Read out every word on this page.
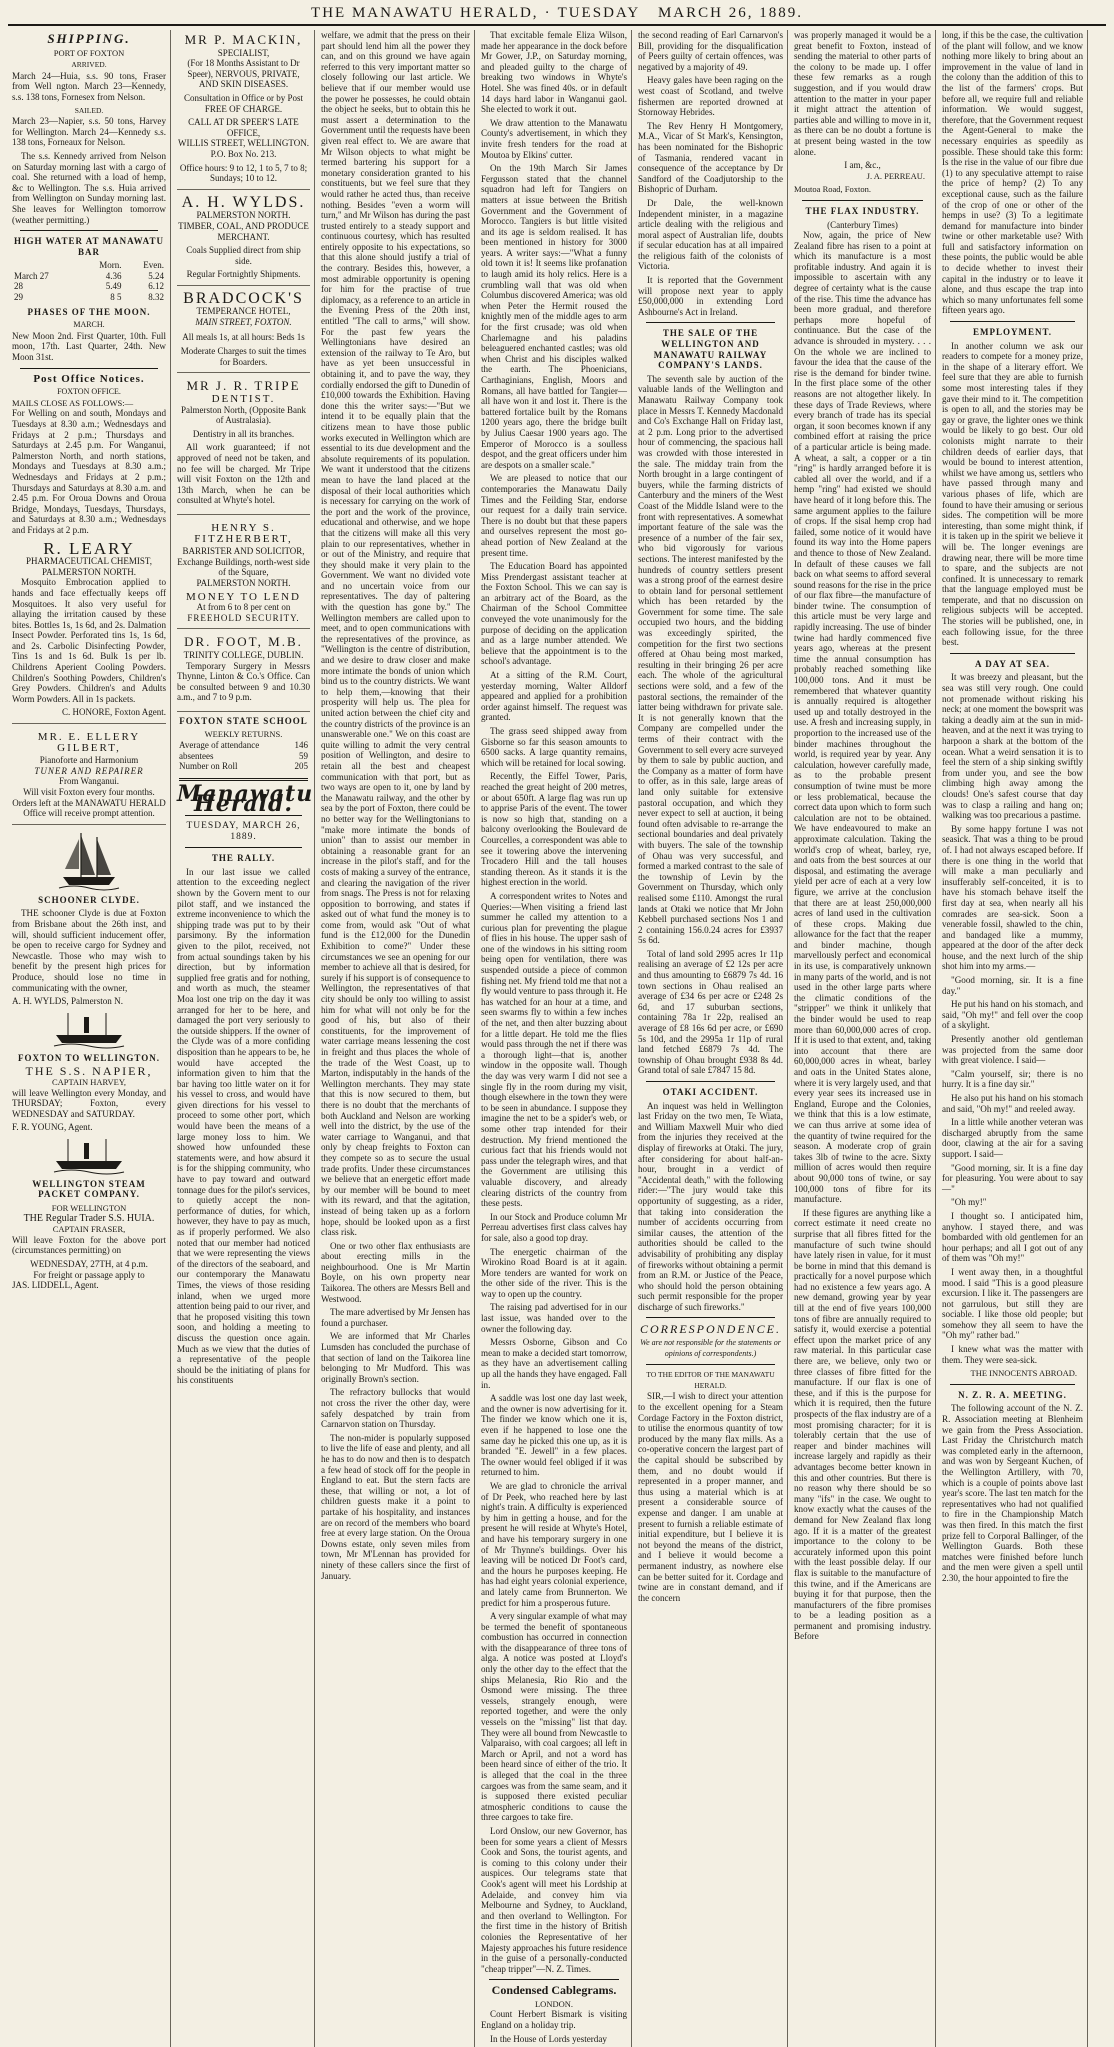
THE MANAWATU HERALD, · TUESDAY
MARCH 26, 1889.
SHIPPING.
PORT OF FOXTON
ARRIVED.

March 24—Huia, s.s. 90 tons, Fraser from Well ngton. March 23—Kennedy, s.s. 138 tons, Fornesex from Nelson.

SAILED.

March 23—Napier, s.s. 50 tons, Harvey for Wellington. March 24—Kennedy s.s. 138 tons, Forneaux for Nelson.

The s.s. Kennedy arrived from Nelson on Saturday morning last with a cargo of coal. She returned with a load of hemp, &c to Wellington. The s.s. Huia arrived from Wellington on Sunday morning last. She leaves for Wellington tomorrow (weather permitting.)

HIGH WATER AT MANAWATU BAR
	Morn.	Even.
March 27	4.36	5.24
28	5.49	6.12
29	8 5	8.32
PHASES OF THE MOON.
MARCH.

New Moon 2nd. First Quarter, 10th. Full moon, 17th. Last Quarter, 24th. New Moon 31st.

Post Office Notices.
FOXTON OFFICE.
MAILS CLOSE AS FOLLOWS:—

For Welling on and south, Mondays and Tuesdays at 8.30 a.m.; Wednesdays and Fridays at 2 p.m.; Thursdays and Saturdays at 2.45 p.m. For Wanganui, Palmerston North, and north stations, Mondays and Tuesdays at 8.30 a.m.; Wednesdays and Fridays at 2 p.m.; Thursdays and Saturdays at 8.30 a.m. and 2.45 p.m. For Oroua Downs and Oroua Bridge, Mondays, Tuesdays, Thursdays, and Saturdays at 8.30 a.m.; Wednesdays and Fridays at 2 p.m.

R. LEARY
PHARMACEUTICAL CHEMIST, PALMERSTON NORTH.

Mosquito Embrocation applied to hands and face effectually keeps off Mosquitoes. It also very useful for allaying the irritation caused by these bites. Bottles 1s, 1s 6d, and 2s. Dalmation Insect Powder. Perforated tins 1s, 1s 6d, and 2s. Carbolic Disinfecting Powder, Tins 1s and 1s 6d. Bulk 1s per lb. Childrens Aperient Cooling Powders. Children's Soothing Powders, Children's Grey Powders. Children's and Adults Worm Powders. All in 1s packets.

C. HONORE, Foxton Agent.
MR. E. ELLERY GILBERT,
Pianoforte and Harmonium
TUNER AND REPAIRER
From Wanganui.
Will visit Foxton every four months.
Orders left at the MANAWATU HERALD Office will receive prompt attention.
SCHOONER CLYDE.

THE schooner Clyde is due at Foxton from Brisbane about the 26th inst, and will, should sufficient inducement offer, be open to receive cargo for Sydney and Newcastle. Those who may wish to benefit by the present high prices for Produce, should lose no time in communicating with the owner,

A. H. WYLDS, Palmerston N.
FOXTON TO WELLINGTON.
THE S.S. NAPIER,
CAPTAIN HARVEY,

will leave Wellington every Monday, and THURSDAY; Foxton, every WEDNESDAY and SATURDAY.

F. R. YOUNG, Agent.
WELLINGTON STEAM PACKET COMPANY.
FOR WELLINGTON
THE Regular Trader S.S. HUIA.
CAPTAIN FRASER,

Will leave Foxton for the above port (circumstances permitting) on

WEDNESDAY, 27TH, at 4 p.m.
For freight or passage apply to
JAS. LIDDELL, Agent.
MR P. MACKIN,
SPECIALIST,
(For 18 Months Assistant to Dr Speer), NERVOUS, PRIVATE, AND SKIN DISEASES.
Consultation in Office or by Post FREE OF CHARGE.
CALL AT DR SPEER'S LATE OFFICE,
WILLIS STREET, WELLINGTON. P.O. Box No. 213.
Office hours: 9 to 12, 1 to 5, 7 to 8; Sundays; 10 to 12.
A. H. WYLDS.
PALMERSTON NORTH.
TIMBER, COAL, AND PRODUCE MERCHANT.
Coals Supplied direct from ship side.
Regular Fortnightly Shipments.
BRADCOCK'S
TEMPERANCE HOTEL,
MAIN STREET, FOXTON.
All meals 1s, at all hours: Beds 1s
Moderate Charges to suit the times for Boarders.
MR J. R. TRIPE
DENTIST.
Palmerston North, (Opposite Bank of Australasia).
Dentistry in all its branches.

All work guaranteed; if not approved of need not be taken, and no fee will be charged. Mr Tripe will visit Foxton on the 12th and 13th March, when he can be consulted at Whyte's hotel.

HENRY S. FITZHERBERT,
BARRISTER AND SOLICITOR,
Exchange Buildings, north-west side of the Square,
PALMERSTON NORTH.
MONEY TO LEND
At from 6 to 8 per cent on
FREEHOLD SECURITY.
DR. FOOT, M.B.
TRINITY COLLEGE, DUBLIN.

Temporary Surgery in Messrs Thynne, Linton & Co.'s Office. Can be consulted between 9 and 10.30 a.m., and 7 to 9 p.m.

FOXTON STATE SCHOOL
WEEKLY RETURNS.
Average of attendance	146
absentees	59
Number on Roll	205
Manawatu Herald.
TUESDAY, MARCH 26, 1889.
THE RALLY.

In our last issue we called attention to the exceeding neglect shown by the Govern ment to our pilot staff, and we instanced the extreme inconvenience to which the shipping trade was put to by their parsimony. By the information given to the pilot, received, not from actual soundings taken by his direction, but by information supplied free gratis and for nothing, and worth as much, the steamer Moa lost one trip on the day it was arranged for her to be here, and damaged the port very seriously to the outside shippers. If the owner of the Clyde was of a more confiding disposition than he appears to be, he would have accepted the information given to him that the bar having too little water on it for his vessel to cross, and would have given directions for his vessel to proceed to some other port, which would have been the means of a large money loss to him. We showed how unfounded these statements were, and how absurd it is for the shipping community, who have to pay toward and outward tonnage dues for the pilot's services, to quietly accept the non-performance of duties, for which, however, they have to pay as much, as if properly performed. We also noted that our member had noticed that we were representing the views of the directors of the seaboard, and our contemporary the Manawatu Times, the views of those residing inland, when we urged more attention being paid to our river, and that he proposed visiting this town soon, and holding a meeting to discuss the question once again. Much as we view that the duties of a representative of the people should be the initiating of plans for his constituents

welfare, we admit that the press on their part should lend him all the power they can, and on this ground we have again referred to this very important matter so closely following our last article. We believe that if our member would use the power he possesses, he could obtain the object he seeks, but to obtain this he must assert a determination to the Government until the requests have been given real effect to. We are aware that Mr Wilson objects to what might be termed bartering his support for a monetary consideration granted to his constituents, but we feel sure that they would rather he acted thus, than receive nothing. Besides "even a worm will turn," and Mr Wilson has during the past trusted entirely to a steady support and continuous courtesy, which has resulted entirely opposite to his expectations, so that this alone should justify a trial of the contrary. Besides this, however, a most admirable opportunity is opening for him for the practise of true diplomacy, as a reference to an article in the Evening Press of the 20th inst, entitled "The call to arms," will show. For the past few years the Wellingtonians have desired an extension of the railway to Te Aro, but have as yet been unsuccessful in obtaining it, and to pave the way, they cordially endorsed the gift to Dunedin of £10,000 towards the Exhibition. Having done this the writer says:—"But we intend it to be equally plain that the citizens mean to have those public works executed in Wellington which are essential to its due development and the absolute requirements of its population. We want it understood that the citizens mean to have the land placed at the disposal of their local authorities which is necessary for carrying on the work of the port and the work of the province, educational and otherwise, and we hope that the citizens will make all this very plain to our representatives, whether in or out of the Ministry, and require that they should make it very plain to the Government. We want no divided vote and no uncertain voice from our representatives. The day of paltering with the question has gone by." The Wellington members are called upon to meet, and to open communications with the representatives of the province, as "Wellington is the centre of distribution, and we desire to draw closer and make more intimate the bonds of union which bind us to the country districts. We want to help them,—knowing that their prosperity will help us. The plea for united action between the chief city and the country districts of the province is an unanswerable one." We on this coast are quite willing to admit the very central position of Wellington, and desire to retain all the best and cheapest communication with that port, but as two ways are open to it, one by land by the Manawatu railway, and the other by sea by the port of Foxton, there could be no better way for the Wellingtonians to "make more intimate the bonds of union" than to assist our member in obtaining a reasonable grant for an increase in the pilot's staff, and for the costs of making a survey of the entrance, and clearing the navigation of the river from snags. The Press is not for relaxing opposition to borrowing, and states if asked out of what fund the money is to come from, would ask "Out of what fund is the £12,000 for the Dunedin Exhibition to come?" Under these circumstances we see an opening for our member to achieve all that is desired, for surely if his support is of consequence to Wellington, the representatives of that city should be only too willing to assist him for what will not only be for the good of his, but also of their constituents, for the improvement of water carriage means lessening the cost in freight and thus places the whole of the trade of the West Coast, up to Marton, indisputably in the hands of the Wellington merchants. They may state that this is now secured to them, but there is no doubt that the merchants of both Auckland and Nelson are working well into the district, by the use of the water carriage to Wanganui, and that only by cheap freights to Foxton can they compete so as to secure the usual trade profits. Under these circumstances we believe that an energetic effort made by our member will be bound to meet with its reward, and that the agitation, instead of being taken up as a forlorn hope, should be looked upon as a first class risk.

One or two other flax enthusiasts are about erecting mills in the neighbourhood. One is Mr Martin Boyle, on his own property near Taikorea. The others are Messrs Bell and Westwood.

The mare advertised by Mr Jensen has found a purchaser.

We are informed that Mr Charles Lumsden has concluded the purchase of that section of land on the Taikorea line belonging to Mr Mudford. This was originally Brown's section.

The refractory bullocks that would not cross the river the other day, were safely despatched by train from Carnarvon station on Thursday.

The non-mider is popularly supposed to live the life of ease and plenty, and all he has to do now and then is to despatch a few head of stock off for the people in England to eat. But the stern facts are these, that willing or not, a lot of children guests make it a point to partake of his hospitality, and instances are on record of the members who board free at every large station. On the Oroua Downs estate, only seven miles from town, Mr M'Lennan has provided for ninety of these callers since the first of January.

That excitable female Eliza Wilson, made her appearance in the dock before Mr Gower, J.P., on Saturday morning, and pleaded guilty to the charge of breaking two windows in Whyte's Hotel. She was fined 40s. or in default 14 days hard labor in Wanganui gaol. She elected to work it out.

We draw attention to the Manawatu County's advertisement, in which they invite fresh tenders for the road at Moutoa by Elkins' cutter.

On the 19th March Sir James Fergusson stated that the channel squadron had left for Tangiers on matters at issue between the British Government and the Government of Morocco. Tangiers is but little visited and its age is seldom realised. It has been mentioned in history for 3000 years. A writer says:—"What a funny old town it is! It seems like profanation to laugh amid its holy relics. Here is a crumbling wall that was old when Columbus discovered America; was old when Peter the Hermit roused the knightly men of the middle ages to arm for the first crusade; was old when Charlemagne and his paladins beleaguered enchanted castles; was old when Christ and his disciples walked the earth. The Phoenicians, Carthaginians, English, Moors and Romans, all have battled for Tangier—all have won it and lost it. There is the battered fortalice built by the Romans 1200 years ago, there the bridge built by Julius Caesar 1900 years ago. The Emperor of Morocco is a soulless despot, and the great officers under him are despots on a smaller scale."

We are pleased to notice that our contemporaries the Manawatu Daily Times and the Feilding Star, endorse our request for a daily train service. There is no doubt but that these papers and ourselves represent the most go-ahead portion of New Zealand at the present time.

The Education Board has appointed Miss Prendergast assistant teacher at the Foxton School. This we can say is an arbitrary act of the Board, as the Chairman of the School Committee conveyed the vote unanimously for the purpose of deciding on the application and as a large number attended. We believe that the appointment is to the school's advantage.

At a sitting of the R.M. Court, yesterday morning, Walter Alldorf appeared and applied for a prohibition order against himself. The request was granted.

The grass seed shipped away from Gisborne so far this season amounts to 6500 sacks. A large quantity remains, which will be retained for local sowing.

Recently, the Eiffel Tower, Paris, reached the great height of 200 metres, or about 650ft. A large flag was run up to apprise Paris of the event. The tower is now so high that, standing on a balcony overlooking the Boulevard de Courcelles, a correspondent was able to see it towering above the intervening Trocadero Hill and the tall houses standing thereon. As it stands it is the highest erection in the world.

A correspondent writes to Notes and Queries:—When visiting a friend last summer he called my attention to a curious plan for preventing the plague of flies in his house. The upper sash of one of the windows in his sitting room being open for ventilation, there was suspended outside a piece of common fishing net. My friend told me that not a fly would venture to pass through it. He has watched for an hour at a time, and seen swarms fly to within a few inches of the net, and then alter buzzing about for a little depart. He told me the flies would pass through the net if there was a thorough light—that is, another window in the opposite wall. Though the day was very warm I did not see a single fly in the room during my visit, though elsewhere in the town they were to be seen in abundance. I suppose they imagine the net to be a spider's web, or some other trap intended for their destruction. My friend mentioned the curious fact that his friends would not pass under the telegraph wires, and that the Government are utilising this valuable discovery, and already clearing districts of the country from these pests.

In our Stock and Produce column Mr Perreau advertises first class calves hay for sale, also a good top dray.

The energetic chairman of the Wirokino Road Board is at it again. More tenders are wanted for work on the other side of the river. This is the way to open up the country.

The raising pad advertised for in our last issue, was handed over to the owner the following day.

Messrs Osborne, Gibson and Co mean to make a decided start tomorrow, as they have an advertisement calling up all the hands they have engaged. Fall in.

A saddle was lost one day last week, and the owner is now advertising for it. The finder we know which one it is, even if he happened to lose one the same day he picked this one up, as it is branded "E. Jewell" in a few places. The owner would feel obliged if it was returned to him.

We are glad to chronicle the arrival of Dr Peek, who reached here by last night's train. A difficulty is experienced by him in getting a house, and for the present he will reside at Whyte's Hotel, and have his temporary surgery in one of Mr Thynne's buildings. Over his leaving will be noticed Dr Foot's card, and the hours he purposes keeping. He has had eight years colonial experience, and lately came from Brunnerton. We predict for him a prosperous future.

A very singular example of what may be termed the benefit of spontaneous combustion has occurred in connection with the disappearance of three tons of alga. A notice was posted at Lloyd's only the other day to the effect that the ships Melanesia, Rio Rio and the Osmond were missing. The three vessels, strangely enough, were reported together, and were the only vessels on the "missing" list that day. They were all bound from Newcastle to Valparaiso, with coal cargoes; all left in March or April, and not a word has been heard since of either of the trio. It is alleged that the coal in the three cargoes was from the same seam, and it is supposed there existed peculiar atmospheric conditions to cause the three cargoes to take fire.

Lord Onslow, our new Governor, has been for some years a client of Messrs Cook and Sons, the tourist agents, and is coming to this colony under their auspices. Our telegrams state that Cook's agent will meet his Lordship at Adelaide, and convey him via Melbourne and Sydney, to Auckland, and then overland to Wellington. For the first time in the history of British colonies the Representative of her Majesty approaches his future residence in the guise of a personally-conducted "cheap tripper"—N. Z. Times.

Condensed Cablegrams.
LONDON.

Count Herbert Bismark is visiting England on a holiday trip.

In the House of Lords yesterday

the second reading of Earl Carnarvon's Bill, providing for the disqualification of Peers guilty of certain offences, was negatived by a majority of 49.

Heavy gales have been raging on the west coast of Scotland, and twelve fishermen are reported drowned at Stornoway Hebrides.

The Rev Henry H Montgomery, M.A., Vicar of St Mark's, Kensington, has been nominated for the Bishopric of Tasmania, rendered vacant in consequence of the acceptance by Dr Sandford of the Coadjutorship to the Bishopric of Durham.

Dr Dale, the well-known Independent minister, in a magazine article dealing with the religious and moral aspect of Australian life, doubts if secular education has at all impaired the religious faith of the colonists of Victoria.

It is reported that the Government will propose next year to apply £50,000,000 in extending Lord Ashbourne's Act in Ireland.

THE SALE OF THE WELLINGTON AND MANAWATU RAILWAY COMPANY'S LANDS.

The seventh sale by auction of the valuable lands of the Wellington and Manawatu Railway Company took place in Messrs T. Kennedy Macdonald and Co's Exchange Hall on Friday last, at 2 p.m. Long prior to the advertised hour of commencing, the spacious hall was crowded with those interested in the sale. The midday train from the North brought in a large contingent of buyers, while the farming districts of Canterbury and the miners of the West Coast of the Middle Island were to the front with representatives. A somewhat important feature of the sale was the presence of a number of the fair sex, who bid vigorously for various sections. The interest manifested by the hundreds of country settlers present was a strong proof of the earnest desire to obtain land for personal settlement which has been retarded by the Government for some time. The sale occupied two hours, and the bidding was exceedingly spirited, the competition for the first two sections offered at Ohau being most marked, resulting in their bringing 26 per acre each. The whole of the agricultural sections were sold, and a few of the pastoral sections, the remainder of the latter being withdrawn for private sale. It is not generally known that the Company are compelled under the terms of their contract with the Government to sell every acre surveyed by them to sale by public auction, and the Company as a matter of form have to offer, as in this sale, large areas of land only suitable for extensive pastoral occupation, and which they never expect to sell at auction, it being found often advisable to re-arrange the sectional boundaries and deal privately with buyers. The sale of the township of Ohau was very successful, and formed a marked contrast to the sale of the township of Levin by the Government on Thursday, which only realised some £110. Amongst the rural lands at Otaki we notice that Mr John Kebbell purchased sections Nos 1 and 2 containing 156.0.24 acres for £3937 5s 6d.

Total of land sold 2995 acres 1r 11p realising an average of £2 12s per acre and thus amounting to £6879 7s 4d. 16 town sections in Ohau realised an average of £34 6s per acre or £248 2s 6d, and 17 suburban sections, containing 78a 1r 22p, realised an average of £8 16s 6d per acre, or £690 5s 10d, and the 2995a 1r 11p of rural land fetched £6879 7s 4d. The township of Ohau brought £938 8s 4d. Grand total of sale £7847 15 8d.

OTAKI ACCIDENT.

An inquest was held in Wellington last Friday on the two men, Te Wiata, and William Maxwell Muir who died from the injuries they received at the display of fireworks at Otaki. The jury, after considering for about half-an-hour, brought in a verdict of "Accidental death," with the following rider:—"The jury would take this opportunity of suggesting, as a rider, that taking into consideration the number of accidents occurring from similar causes, the attention of the authorities should be called to the advisability of prohibiting any display of fireworks without obtaining a permit from an R.M. or Justice of the Peace, who should hold the person obtaining such permit responsible for the proper discharge of such fireworks."

CORRESPONDENCE.
We are not responsible for the statements or opinions of correspondents.)
TO THE EDITOR OF THE MANAWATU HERALD.

SIR,—I wish to direct your attention to the excellent opening for a Steam Cordage Factory in the Foxton district, to utilise the enormous quantity of tow produced by the many flax mills. As a co-operative concern the largest part of the capital should be subscribed by them, and no doubt would if represented in a proper manner, and thus using a material which is at present a considerable source of expense and danger. I am unable at present to furnish a reliable estimate of initial expenditure, but I believe it is not beyond the means of the district, and I believe it would become a permanent industry, as nowhere else can be better suited for it. Cordage and twine are in constant demand, and if the concern

was properly managed it would be a great benefit to Foxton, instead of sending the material to other parts of the colony to be made up. I offer these few remarks as a rough suggestion, and if you would draw attention to the matter in your paper it might attract the attention of parties able and willing to move in it, as there can be no doubt a fortune is at present being wasted in the tow alone.

I am, &c.,
J. A. PERREAU.
Moutoa Road, Foxton.
THE FLAX INDUSTRY.
(Canterbury Times)

Now, again, the price of New Zealand fibre has risen to a point at which its manufacture is a most profitable industry. And again it is impossible to ascertain with any degree of certainty what is the cause of the rise. This time the advance has been more gradual, and therefore perhaps more hopeful of continuance. But the case of the advance is shrouded in mystery. . . . On the whole we are inclined to favour the idea that the cause of the rise is the demand for binder twine. In the first place some of the other reasons are not altogether likely. In these days of Trade Reviews, where every branch of trade has its special organ, it soon becomes known if any combined effort at raising the price of a particular article is being made. A wheat, a salt, a copper or a tin "ring" is hardly arranged before it is cabled all over the world, and if a hemp "ring" had existed we should have heard of it long before this. The same argument applies to the failure of crops. If the sisal hemp crop had failed, some notice of it would have found its way into the Home papers and thence to those of New Zealand. In default of these causes we fall back on what seems to afford several sound reasons for the rise in the price of our flax fibre—the manufacture of binder twine. The consumption of this article must be very large and rapidly increasing. The use of binder twine had hardly commenced five years ago, whereas at the present time the annual consumption has probably reached something like 100,000 tons. And it must be remembered that whatever quantity is annually required is altogether used up and totally destroyed in the use. A fresh and increasing supply, in proportion to the increased use of the binder machines throughout the world, is required year by year. Any calculation, however carefully made, as to the probable present consumption of twine must be more or less problematical, because the correct data upon which to form such calculation are not to be obtained. We have endeavoured to make an approximate calculation. Taking the world's crop of wheat, barley, rye, and oats from the best sources at our disposal, and estimating the average yield per acre of each at a very low figure, we arrive at the conclusion that there are at least 250,000,000 acres of land used in the cultivation of these crops. Making due allowance for the fact that the reaper and binder machine, though marvellously perfect and economical in its use, is comparatively unknown in many parts of the world, and is not used in the other large parts where the climatic conditions of the "stripper" we think it unlikely that the binder would be used to reap more than 60,000,000 acres of crop. If it is used to that extent, and, taking into account that there are 60,000,000 acres in wheat, barley and oats in the United States alone, where it is very largely used, and that every year sees its increased use in England, Europe and the Colonies, we think that this is a low estimate, we can thus arrive at some idea of the quantity of twine required for the season. A moderate crop of grain takes 3lb of twine to the acre. Sixty million of acres would then require about 90,000 tons of twine, or say 100,000 tons of fibre for its manufacture.

If these figures are anything like a correct estimate it need create no surprise that all fibres fitted for the manufacture of such twine should have lately risen in value, for it must be borne in mind that this demand is practically for a novel purpose which had no existence a few years ago. A new demand, growing year by year till at the end of five years 100,000 tons of fibre are annually required to satisfy it, would exercise a potential effect upon the market price of any raw material. In this particular case there are, we believe, only two or three classes of fibre fitted for the manufacture. If our flax is one of these, and if this is the purpose for which it is required, then the future prospects of the flax industry are of a most promising character; for it is tolerably certain that the use of reaper and binder machines will increase largely and rapidly as their advantages become better known in this and other countries. But there is no reason why there should be so many "ifs" in the case. We ought to know exactly what the causes of the demand for New Zealand flax long ago. If it is a matter of the greatest importance to the colony to be accurately informed upon this point with the least possible delay. If our flax is suitable to the manufacture of this twine, and if the Americans are buying it for that purpose, then the manufacturers of the fibre promises to be a leading position as a permanent and promising industry. Before

long, if this be the case, the cultivation of the plant will follow, and we know nothing more likely to bring about an improvement in the value of land in the colony than the addition of this to the list of the farmers' crops. But before all, we require full and reliable information. We would suggest, therefore, that the Government request the Agent-General to make the necessary enquiries as speedily as possible. These should take this form: Is the rise in the value of our fibre due (1) to any speculative attempt to raise the price of hemp? (2) To any exceptional cause, such as the failure of the crop of one or other of the hemps in use? (3) To a legitimate demand for manufacture into binder twine or other marketable use? With full and satisfactory information on these points, the public would be able to decide whether to invest their capital in the industry or to leave it alone, and thus escape the trap into which so many unfortunates fell some fifteen years ago.

EMPLOYMENT.

In another column we ask our readers to compete for a money prize, in the shape of a literary effort. We feel sure that they are able to furnish some most interesting tales if they gave their mind to it. The competition is open to all, and the stories may be gay or grave, the lighter ones we think would be likely to go best. Our old colonists might narrate to their children deeds of earlier days, that would be bound to interest attention, whilst we have among us, settlers who have passed through many and various phases of life, which are found to have their amusing or serious sides. The competition will be more interesting, than some might think, if it is taken up in the spirit we believe it will be. The longer evenings are drawing near, there will be more time to spare, and the subjects are not confined. It is unnecessary to remark that the language employed must be temperate, and that no discussion on religious subjects will be accepted. The stories will be published, one, in each following issue, for the three best.

A DAY AT SEA.

It was breezy and pleasant, but the sea was still very rough. One could not promenade without risking his neck; at one moment the bowsprit was taking a deadly aim at the sun in mid-heaven, and at the next it was trying to harpoon a shark at the bottom of the ocean. What a weird sensation it is to feel the stern of a ship sinking swiftly from under you, and see the bow climbing high away among the clouds! One's safest course that day was to clasp a railing and hang on; walking was too precarious a pastime.

By some happy fortune I was not seasick. That was a thing to be proud of. I had not always escaped before. If there is one thing in the world that will make a man peculiarly and insufferably self-conceited, it is to have his stomach behave itself the first day at sea, when nearly all his comrades are sea-sick. Soon a venerable fossil, shawled to the chin, and bandaged like a mummy, appeared at the door of the after deck house, and the next lurch of the ship shot him into my arms.—

"Good morning, sir. It is a fine day."

He put his hand on his stomach, and said, "Oh my!" and fell over the coop of a skylight.

Presently another old gentleman was projected from the same door with great violence. I said—

"Calm yourself, sir; there is no hurry. It is a fine day sir."

He also put his hand on his stomach and said, "Oh my!" and reeled away.

In a little while another veteran was discharged abruptly from the same door, clawing at the air for a saving support. I said—

"Good morning, sir. It is a fine day for pleasuring. You were about to say—"

"Oh my!"

I thought so. I anticipated him, anyhow. I stayed there, and was bombarded with old gentlemen for an hour perhaps; and all I got out of any of them was "Oh my!"

I went away then, in a thoughtful mood. I said "This is a good pleasure excursion. I like it. The passengers are not garrulous, but still they are sociable. I like those old people; but somehow they all seem to have the "Oh my" rather bad."

I knew what was the matter with them. They were sea-sick.

THE INNOCENTS ABROAD.
N. Z. R. A. MEETING.

The following account of the N. Z. R. Association meeting at Blenheim we gain from the Press Association. Last Friday the Christchurch match was completed early in the afternoon, and was won by Sergeant Kuchen, of the Wellington Artillery, with 70, which is a couple of points above last year's score. The last ten match for the representatives who had not qualified to fire in the Championship Match was then fired. In this match the first prize fell to Corporal Ballinger, of the Wellington Guards. Both these matches were finished before lunch and the men were given a spell until 2.30, the hour appointed to fire the
